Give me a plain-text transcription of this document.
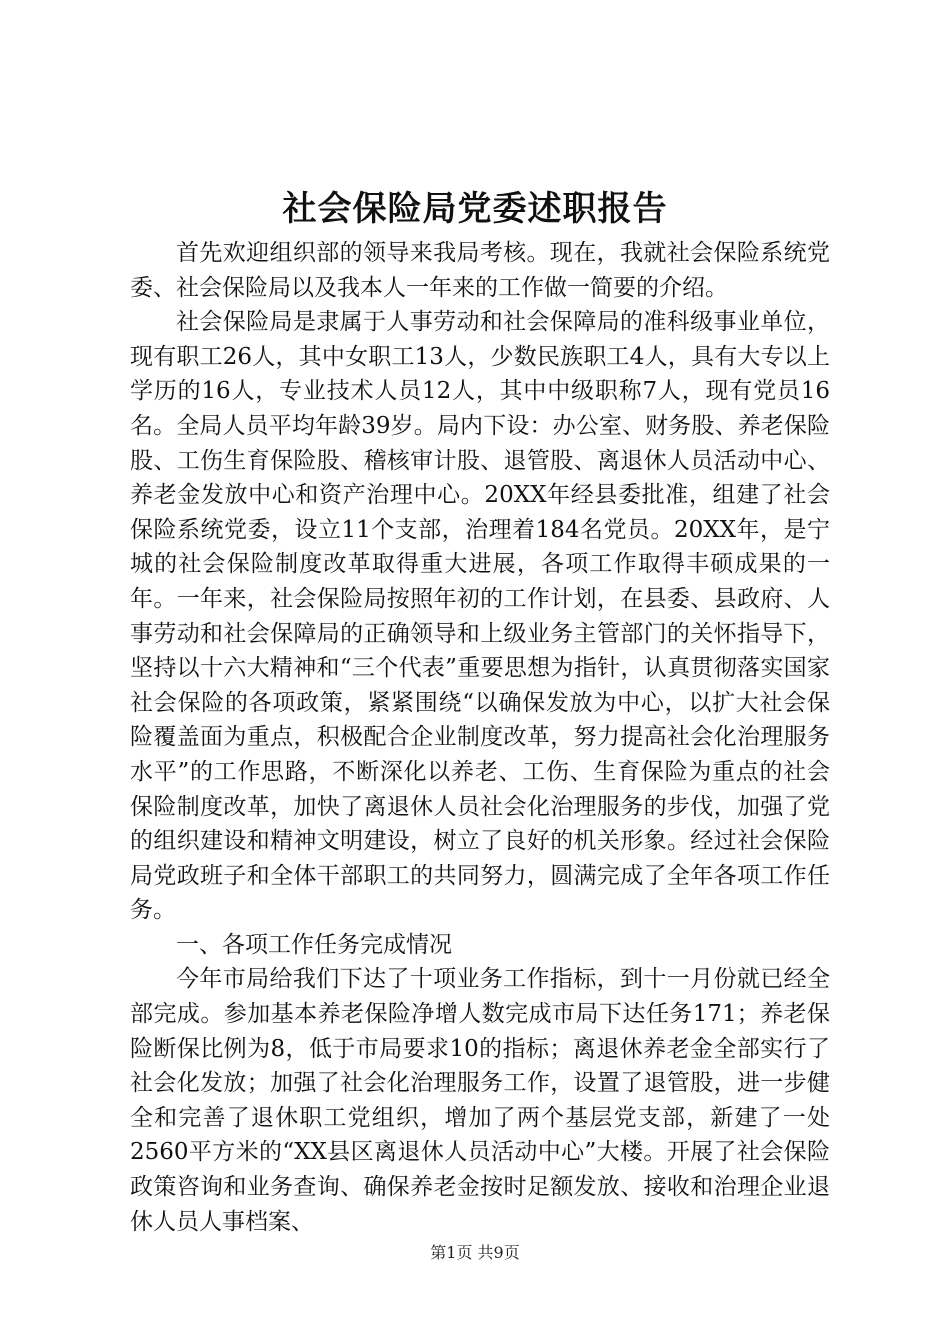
社会保险局党委述职报告

首先欢迎组织部的领导来我局考核。现在，我就社会保险系统党委、社会保险局以及我本人一年来的工作做一简要的介绍。

社会保险局是隶属于人事劳动和社会保障局的准科级事业单位，现有职工26人，其中女职工13人，少数民族职工4人，具有大专以上学历的16人，专业技术人员12人，其中中级职称7人，现有党员16名。全局人员平均年龄39岁。局内下设：办公室、财务股、养老保险股、工伤生育保险股、稽核审计股、退管股、离退休人员活动中心、养老金发放中心和资产治理中心。20XX年经县委批准，组建了社会保险系统党委，设立11个支部，治理着184名党员。20XX年，是宁城的社会保险制度改革取得重大进展，各项工作取得丰硕成果的一年。一年来，社会保险局按照年初的工作计划，在县委、县政府、人事劳动和社会保障局的正确领导和上级业务主管部门的关怀指导下，坚持以十六大精神和“三个代表”重要思想为指针，认真贯彻落实国家社会保险的各项政策，紧紧围绕“以确保发放为中心，以扩大社会保险覆盖面为重点，积极配合企业制度改革，努力提高社会化治理服务水平”的工作思路，不断深化以养老、工伤、生育保险为重点的社会保险制度改革，加快了离退休人员社会化治理服务的步伐，加强了党的组织建设和精神文明建设，树立了良好的机关形象。经过社会保险局党政班子和全体干部职工的共同努力，圆满完成了全年各项工作任务。

一、各项工作任务完成情况

今年市局给我们下达了十项业务工作指标，到十一月份就已经全部完成。参加基本养老保险净增人数完成市局下达任务171；养老保险断保比例为8，低于市局要求10的指标；离退休养老金全部实行了社会化发放；加强了社会化治理服务工作，设置了退管股，进一步健全和完善了退休职工党组织，增加了两个基层党支部，新建了一处2560平方米的“XX县区离退休人员活动中心”大楼。开展了社会保险政策咨询和业务查询、确保养老金按时足额发放、接收和治理企业退休人员人事档案、

第1页 共9页
